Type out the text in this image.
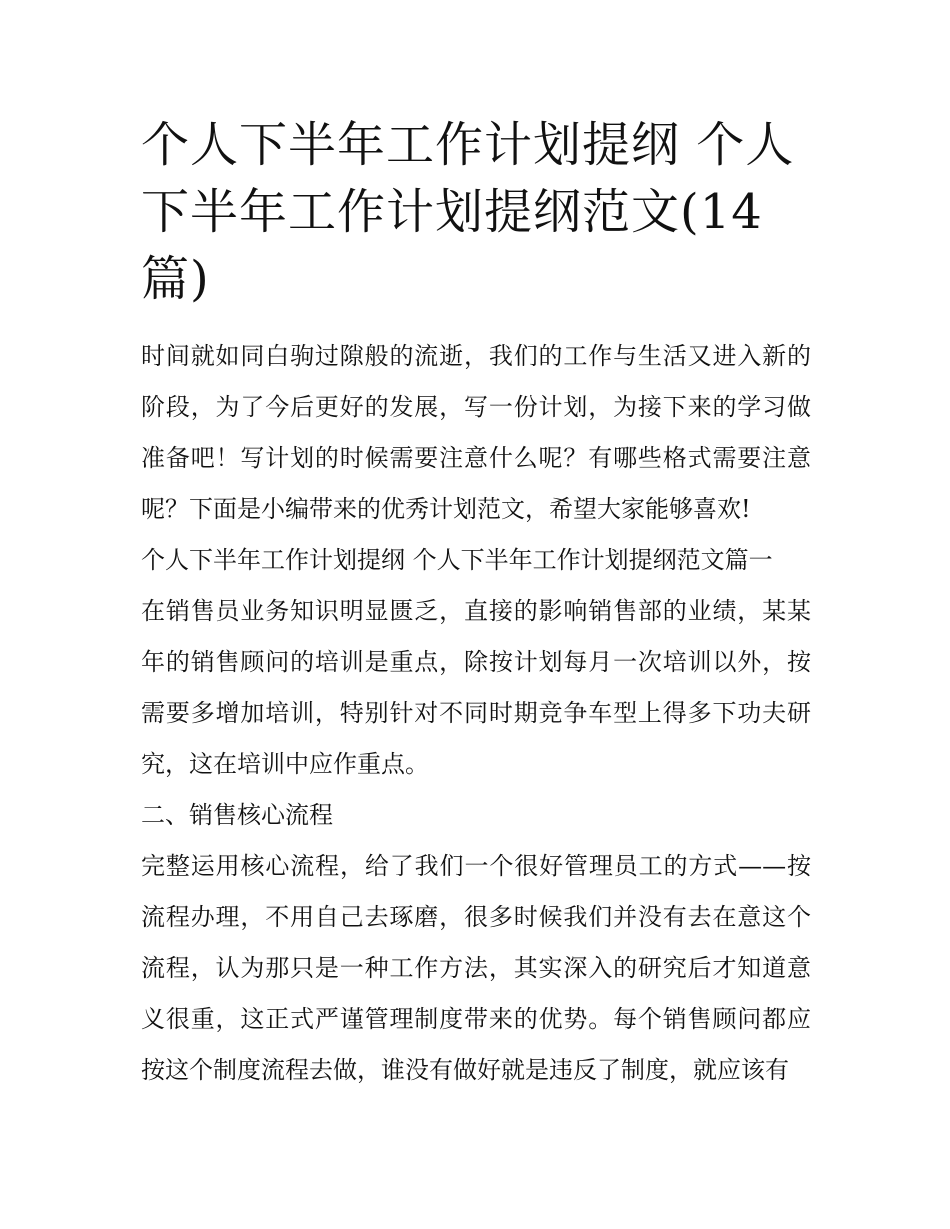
个人下半年工作计划提纲 个人下半年工作计划提纲范文(14篇)

时间就如同白驹过隙般的流逝，我们的工作与生活又进入新的阶段，为了今后更好的发展，写一份计划，为接下来的学习做准备吧！写计划的时候需要注意什么呢？有哪些格式需要注意呢？下面是小编带来的优秀计划范文，希望大家能够喜欢!

个人下半年工作计划提纲 个人下半年工作计划提纲范文篇一

在销售员业务知识明显匮乏，直接的影响销售部的业绩，某某年的销售顾问的培训是重点，除按计划每月一次培训以外，按需要多增加培训，特别针对不同时期竞争车型上得多下功夫研究，这在培训中应作重点。

二、销售核心流程

完整运用核心流程，给了我们一个很好管理员工的方式——按流程办理，不用自己去琢磨，很多时候我们并没有去在意这个流程，认为那只是一种工作方法，其实深入的研究后才知道意义很重，这正式严谨管理制度带来的优势。每个销售顾问都应按这个制度流程去做，谁没有做好就是违反了制度，就应该有
